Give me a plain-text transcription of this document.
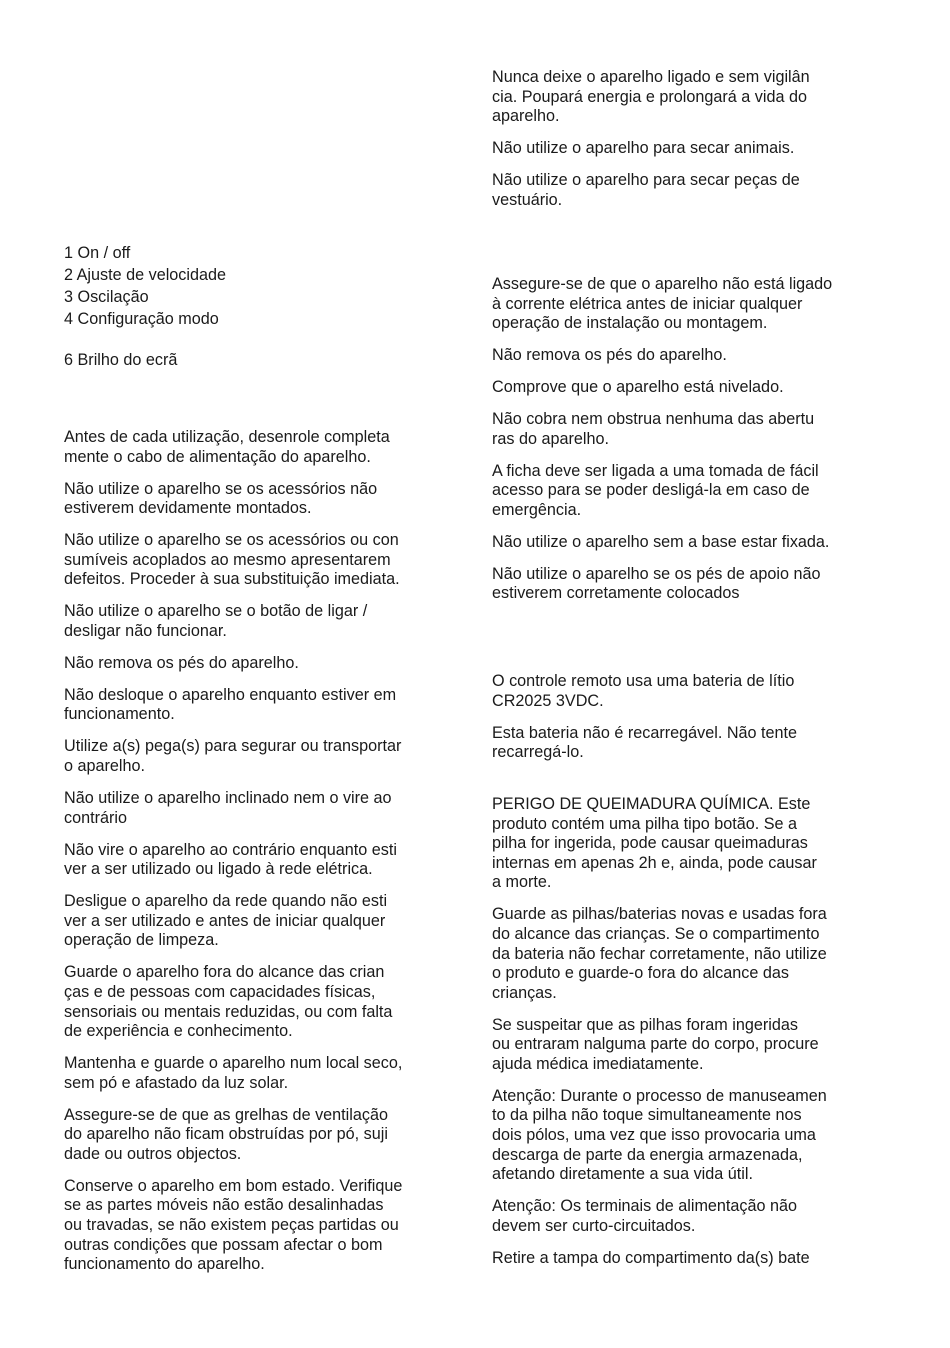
1 On / off
2 Ajuste de velocidade
3 Oscilação
4 Configuração modo
6 Brilho do ecrã

Antes de cada utilização, desenrole completa
mente o cabo de alimentação do aparelho.

Não utilize o aparelho se os acessórios não
estiverem devidamente montados.

Não utilize o aparelho se os acessórios ou con
sumíveis acoplados ao mesmo apresentarem
defeitos. Proceder à sua substituição imediata.

Não utilize o aparelho se o botão de ligar /
desligar não funcionar.

Não remova os pés do aparelho.

Não desloque o aparelho enquanto estiver em
funcionamento.

Utilize a(s) pega(s) para segurar ou transportar
o aparelho.

Não utilize o aparelho inclinado nem o vire ao
contrário

Não vire o aparelho ao contrário enquanto esti
ver a ser utilizado ou ligado à rede elétrica.

Desligue o aparelho da rede quando não esti
ver a ser utilizado e antes de iniciar qualquer
operação de limpeza.

Guarde o aparelho fora do alcance das crian
ças e de pessoas com capacidades físicas,
sensoriais ou mentais reduzidas, ou com falta
de experiência e conhecimento.

Mantenha e guarde o aparelho num local seco,
sem pó e afastado da luz solar.

Assegure-se de que as grelhas de ventilação
do aparelho não ficam obstruídas por pó, suji
dade ou outros objectos.

Conserve o aparelho em bom estado. Verifique
se as partes móveis não estão desalinhadas
ou travadas, se não existem peças partidas ou
outras condições que possam afectar o bom
funcionamento do aparelho.

Nunca deixe o aparelho ligado e sem vigilân
cia. Poupará energia e prolongará a vida do
aparelho.

Não utilize o aparelho para secar animais.

Não utilize o aparelho para secar peças de
vestuário.

Assegure-se de que o aparelho não está ligado
à corrente elétrica antes de iniciar qualquer
operação de instalação ou montagem.

Não remova os pés do aparelho.

Comprove que o aparelho está nivelado.

Não cobra nem obstrua nenhuma das abertu
ras do aparelho.

A ficha deve ser ligada a uma tomada de fácil
acesso para se poder desligá-la em caso de
emergência.

Não utilize o aparelho sem a base estar fixada.

Não utilize o aparelho se os pés de apoio não
estiverem corretamente colocados

O controle remoto usa uma bateria de lítio
CR2025 3VDC.

Esta bateria não é recarregável. Não tente
recarregá-lo.

PERIGO DE QUEIMADURA QUÍMICA. Este
produto contém uma pilha tipo botão. Se a
pilha for ingerida, pode causar queimaduras
internas em apenas 2h e, ainda, pode causar
a morte.

Guarde as pilhas/baterias novas e usadas fora
do alcance das crianças. Se o compartimento
da bateria não fechar corretamente, não utilize
o produto e guarde-o fora do alcance das
crianças.

Se suspeitar que as pilhas foram ingeridas
ou entraram nalguma parte do corpo, procure
ajuda médica imediatamente.

Atenção: Durante o processo de manuseamen
to da pilha não toque simultaneamente nos
dois pólos, uma vez que isso provocaria uma
descarga de parte da energia armazenada,
afetando diretamente a sua vida útil.

Atenção: Os terminais de alimentação não
devem ser curto-circuitados.

Retire a tampa do compartimento da(s) bate
